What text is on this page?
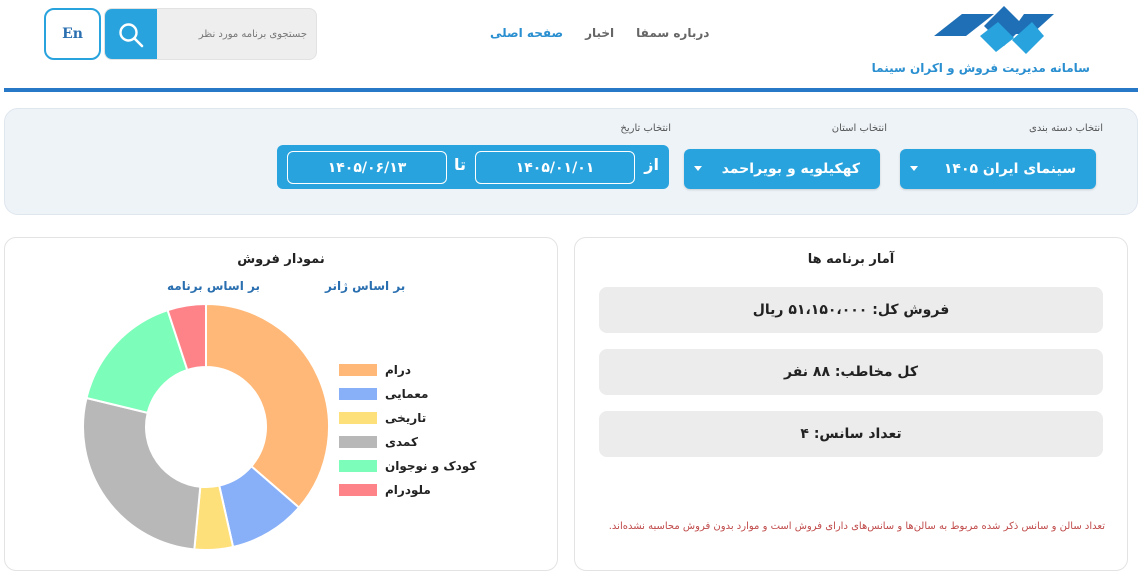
سامانه مدیریت فروش و اکران سینما
صفحه اصلی اخبار درباره سمفا
جستجوی برنامه مورد نظر
En
انتخاب دسته بندی
انتخاب استان
انتخاب تاریخ
سینمای ایران ۱۴۰۵
کهکیلویه و بویراحمد
از
۱۴۰۵/۰۱/۰۱
تا
۱۴۰۵/۰۶/۱۳
آمار برنامه ها
فروش کل: ۵۱،۱۵۰،۰۰۰ ریال
کل مخاطب: ۸۸ نفر
تعداد سانس: ۴
تعداد سالن و سانس ذکر شده مربوط به سالن‌ها و سانس‌های دارای فروش است و موارد بدون فروش محاسبه نشده‌اند.
نمودار فروش
بر اساس ژانر
بر اساس برنامه
درام
معمایی
تاریخی
کمدی
کودک و نوجوان
ملودرام
